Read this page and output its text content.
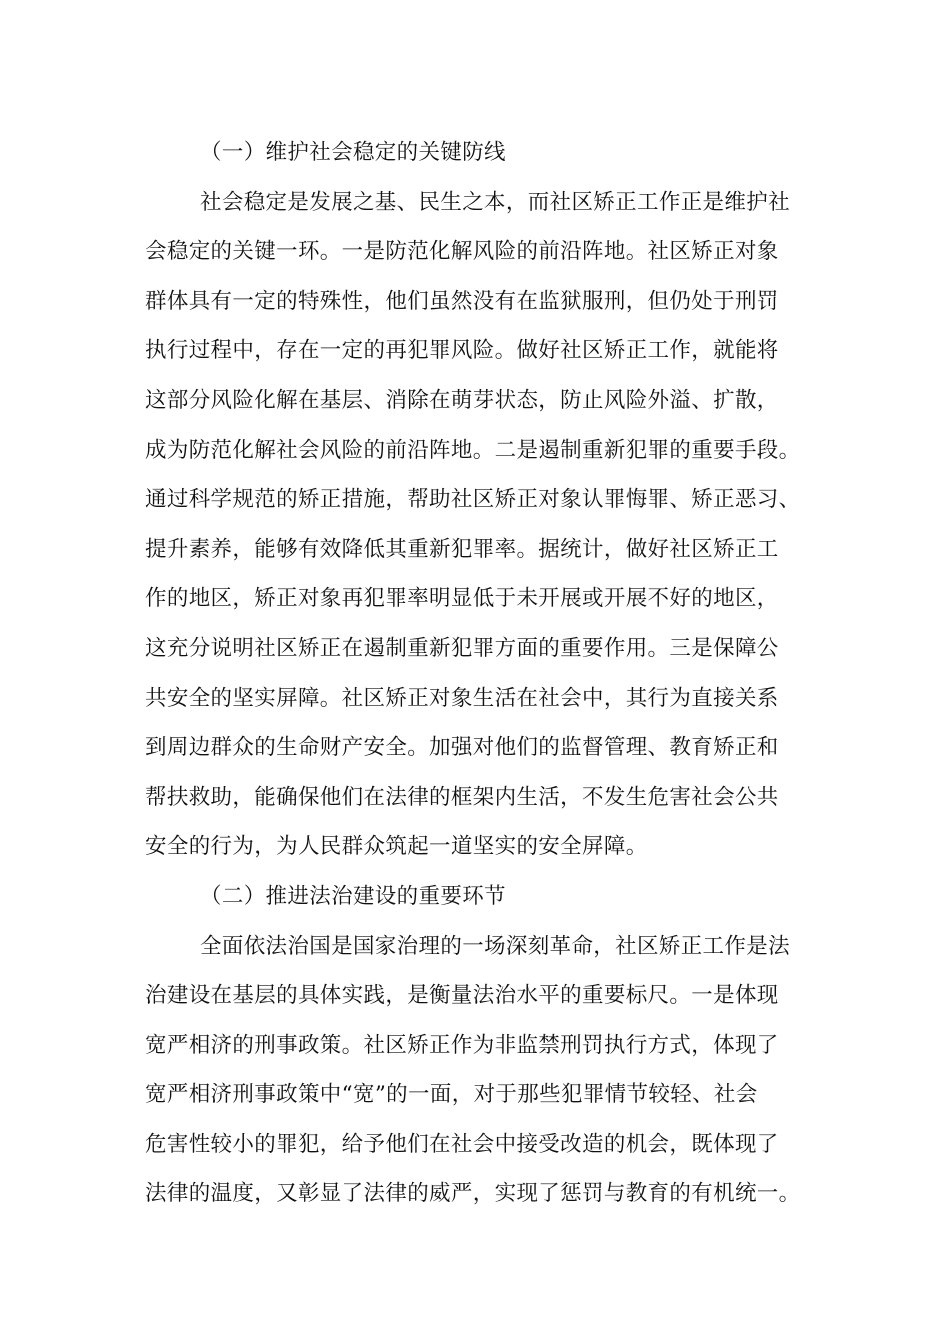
（一）维护社会稳定的关键防线
社会稳定是发展之基、民生之本，而社区矫正工作正是维护社
会稳定的关键一环。一是防范化解风险的前沿阵地。社区矫正对象
群体具有一定的特殊性，他们虽然没有在监狱服刑，但仍处于刑罚
执行过程中，存在一定的再犯罪风险。做好社区矫正工作，就能将
这部分风险化解在基层、消除在萌芽状态，防止风险外溢、扩散，
成为防范化解社会风险的前沿阵地。二是遏制重新犯罪的重要手段。
通过科学规范的矫正措施，帮助社区矫正对象认罪悔罪、矫正恶习、
提升素养，能够有效降低其重新犯罪率。据统计，做好社区矫正工
作的地区，矫正对象再犯罪率明显低于未开展或开展不好的地区，
这充分说明社区矫正在遏制重新犯罪方面的重要作用。三是保障公
共安全的坚实屏障。社区矫正对象生活在社会中，其行为直接关系
到周边群众的生命财产安全。加强对他们的监督管理、教育矫正和
帮扶救助，能确保他们在法律的框架内生活，不发生危害社会公共
安全的行为，为人民群众筑起一道坚实的安全屏障。
（二）推进法治建设的重要环节
全面依法治国是国家治理的一场深刻革命，社区矫正工作是法
治建设在基层的具体实践，是衡量法治水平的重要标尺。一是体现
宽严相济的刑事政策。社区矫正作为非监禁刑罚执行方式，体现了
宽严相济刑事政策中“宽”的一面，对于那些犯罪情节较轻、社会
危害性较小的罪犯，给予他们在社会中接受改造的机会，既体现了
法律的温度，又彰显了法律的威严，实现了惩罚与教育的有机统一。
